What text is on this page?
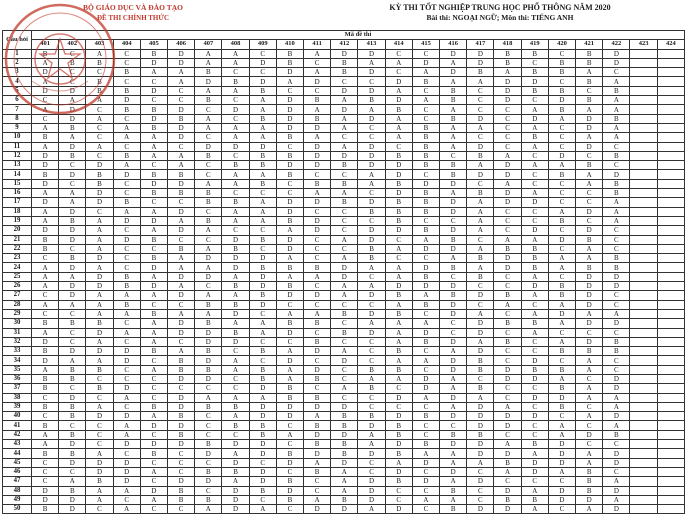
BỘ GIÁO DỤC VÀ ĐÀO TẠO
ĐỀ THI CHÍNH THỨC
KỲ THI TỐT NGHIỆP TRUNG HỌC PHỔ THÔNG NĂM 2020
Bài thi: NGOẠI NGỮ; Môn thi: TIẾNG ANH
Câu hỏi	Mã đề thi																							
	401	402	403	404	405	406	407	408	409	410	411	412	413	414	415	416	417	418	419	420	421	422	423	424
1	B	C	A	C	B	D	A	A	C	B	A	D	D	C	C	D	D	B	B	C	B	D		
2	A	B	B	C	D	D	A	A	D	B	C	B	A	A	D	A	D	B	C	B	B	D		
3	D	C	C	B	A	A	B	C	C	D	A	B	D	C	A	D	B	A	B	B	A	C		
4	A	C	B	C	C	A	D	B	D	A	D	C	C	D	B	A	A	D	D	C	B	A		
5	D	D	B	B	D	C	A	A	B	C	C	D	D	A	C	B	C	D	B	B	C	B		
6	C	A	A	D	C	C	B	C	A	D	B	A	B	D	A	B	C	D	C	D	B	A		
7	A	D	C	B	B	D	C	D	A	D	A	D	A	B	C	A	C	C	A	B	A	A		
8	C	D	A	C	D	B	A	C	B	D	B	A	D	A	C	B	D	C	D	A	D	B		
9	A	B	C	A	B	D	A	A	A	D	D	A	C	A	B	A	A	C	A	C	D	A		
10	B	A	C	A	A	D	C	A	A	B	A	C	C	A	B	A	C	C	B	C	A	A		
11	A	D	A	C	A	C	D	D	D	C	D	A	D	C	B	A	D	C	A	C	D	C		
12	D	B	C	B	A	A	B	C	B	B	D	D	D	B	B	C	B	A	C	D	C	B		
13	D	C	D	A	C	A	C	B	B	D	D	B	D	D	B	B	A	D	A	A	B	C		
14	B	D	B	D	B	B	C	A	A	B	C	C	A	D	C	B	D	D	C	B	A	D		
15	D	C	B	C	D	D	A	A	B	C	B	B	A	B	D	D	C	A	C	C	A	B		
16	A	A	D	C	B	B	B	C	C	C	A	A	C	D	B	A	B	D	A	C	C	B		
17	D	A	D	B	C	C	B	B	A	D	D	B	D	B	B	D	A	D	D	C	C	A		
18	A	D	C	A	A	D	C	A	A	D	C	C	B	B	B	D	A	C	C	A	D	A		
19	A	B	A	D	D	A	B	A	A	B	D	C	C	B	C	C	A	C	C	B	C	A		
20	D	D	A	C	A	D	A	C	C	A	D	C	D	D	B	D	A	C	D	C	D	C		
21	B	D	A	D	B	C	C	D	B	D	C	A	D	C	A	B	C	A	A	D	B	C		
22	B	C	A	C	C	B	A	B	C	D	C	C	B	A	D	D	A	B	B	C	A	C		
23	C	B	D	C	B	A	D	D	D	A	C	A	B	C	C	A	B	D	B	A	A	B		
24	A	D	A	C	D	A	A	D	B	B	B	D	A	A	D	B	A	D	B	A	B	B		
25	A	A	D	B	A	D	D	A	D	A	A	D	C	A	B	C	B	C	A	C	D	D		
26	A	D	D	B	D	A	C	B	D	B	C	A	A	D	D	D	C	C	D	B	D	D		
27	C	D	A	A	A	D	A	A	B	D	D	A	D	B	A	B	D	B	A	B	D	C		
28	A	A	A	B	C	C	B	B	D	C	C	C	C	A	B	D	C	A	C	A	D	C		
29	C	C	A	A	B	A	A	D	C	A	A	B	D	B	C	D	A	C	A	D	A	A		
30	B	B	B	C	A	D	B	A	A	B	B	C	A	A	A	C	D	B	B	A	D	D		
31	A	C	D	A	A	D	D	B	A	D	C	B	D	A	D	C	D	C	A	C	C	C		
32	D	C	A	C	A	C	D	D	C	C	B	C	C	A	B	D	A	B	C	A	D	B		
33	B	D	D	D	B	A	B	C	B	A	D	A	C	B	C	A	D	C	C	B	B	B		
34	D	A	A	D	C	B	D	A	C	D	C	D	C	A	A	D	B	C	D	C	A	C		
35	A	B	B	C	A	B	B	A	B	A	D	C	B	B	C	D	B	D	B	B	A	C		
36	B	B	C	C	C	D	D	C	B	A	B	C	A	A	D	A	C	D	D	A	C	D		
37	B	C	B	D	C	C	C	C	D	B	C	A	B	C	D	A	B	C	C	B	A	D		
38	C	D	C	A	C	D	A	A	A	B	B	C	C	D	A	D	A	C	D	D	A	A		
39	B	B	A	C	B	D	B	B	D	D	D	D	C	C	C	A	D	A	C	B	C	A		
40	C	B	D	D	A	B	C	A	D	D	A	B	B	D	B	D	D	D	D	C	A	D		
41	B	C	C	A	D	D	C	B	B	C	B	B	D	B	C	C	D	D	C	A	C	A		
42	A	B	C	A	C	B	C	C	B	A	D	D	A	B	C	B	B	C	C	A	D	B		
43	A	D	C	D	D	D	B	D	D	C	B	B	A	D	B	D	D	A	B	D	C	C		
44	B	B	A	C	B	C	D	A	D	B	D	B	D	B	A	A	D	D	A	D	A	D		
45	C	D	D	D	C	C	C	D	C	D	A	D	C	A	D	A	A	B	D	D	A	D		
46	C	C	D	D	A	C	B	B	D	C	B	A	C	D	C	D	C	A	D	A	B	C		
47	C	A	B	D	C	D	D	A	D	B	C	A	D	B	D	A	D	C	C	C	B	A		
48	D	B	A	A	D	B	C	D	B	D	C	A	D	C	C	B	C	D	A	D	B	D		
49	D	D	A	C	A	B	B	D	C	B	A	B	D	C	A	A	C	B	B	D	D	A		
50	B	D	C	A	C	C	A	D	A	C	D	D	A	D	C	B	D	D	A	C	A	D		
